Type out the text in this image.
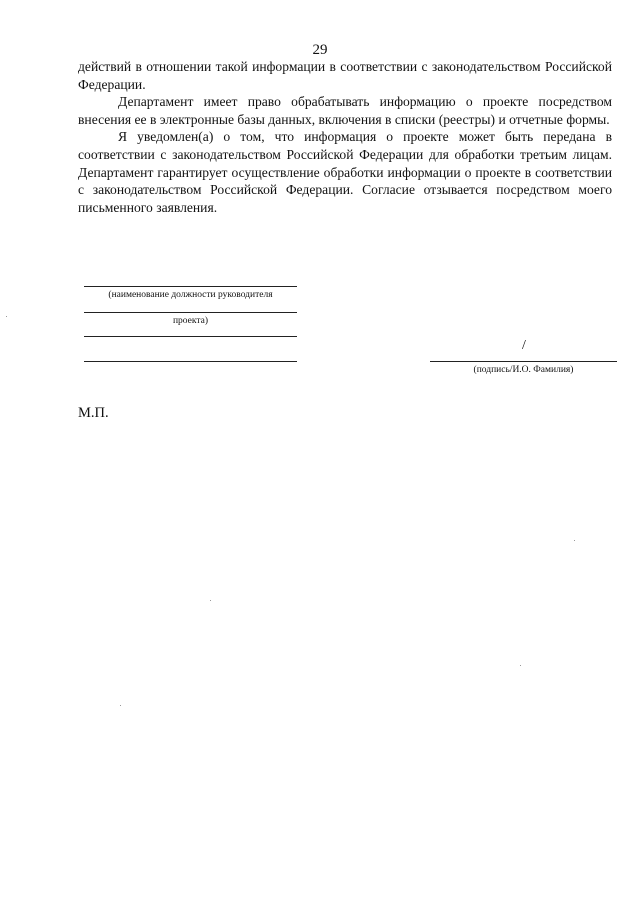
29

действий в отношении такой информации в соответствии с законодательством Российской Федерации.

Департамент имеет право обрабатывать информацию о проекте посредством внесения ее в электронные базы данных, включения в списки (реестры) и отчетные формы.

Я уведомлен(а) о том, что информация о проекте может быть передана в соответствии с законодательством Российской Федерации для обработки третьим лицам. Департамент гарантирует осуществление обработки информации о проекте в соответствии с законодательством Российской Федерации. Согласие отзывается посредством моего письменного заявления.

(наименование должности руководителя
проекта)
/
(подпись/И.О. Фамилия)
М.П.
